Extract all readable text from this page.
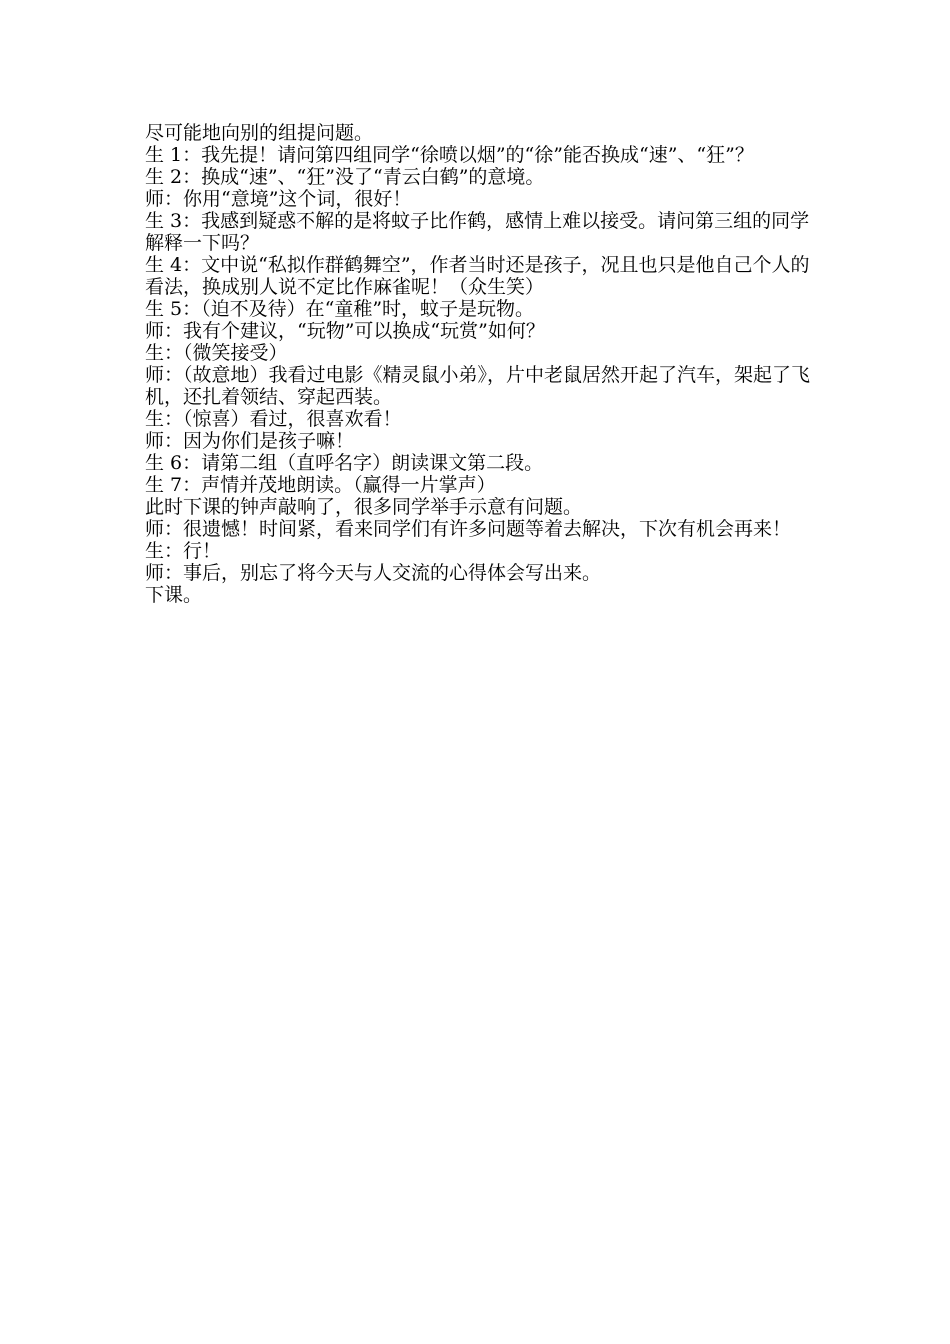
尽可能地向别的组提问题。

生 1：我先提！请问第四组同学“徐喷以烟”的“徐”能否换成“速”、“狂”？

生 2：换成“速”、“狂”没了“青云白鹤”的意境。

师：你用“意境”这个词，很好！

生 3：我感到疑惑不解的是将蚊子比作鹤，感情上难以接受。请问第三组的同学解释一下吗？

生 4：文中说“私拟作群鹤舞空”，作者当时还是孩子，况且也只是他自己个人的看法，换成别人说不定比作麻雀呢！（众生笑）

生 5：（迫不及待）在“童稚”时，蚊子是玩物。

师：我有个建议，“玩物”可以换成“玩赏”如何？

生：（微笑接受）

师：（故意地）我看过电影《精灵鼠小弟》，片中老鼠居然开起了汽车，架起了飞机，还扎着领结、穿起西装。

生：（惊喜）看过，很喜欢看！

师：因为你们是孩子嘛！

生 6：请第二组（直呼名字）朗读课文第二段。

生 7：声情并茂地朗读。（赢得一片掌声）

此时下课的钟声敲响了，很多同学举手示意有问题。

师：很遗憾！时间紧，看来同学们有许多问题等着去解决，下次有机会再来！

生：行！

师：事后，别忘了将今天与人交流的心得体会写出来。

下课。
